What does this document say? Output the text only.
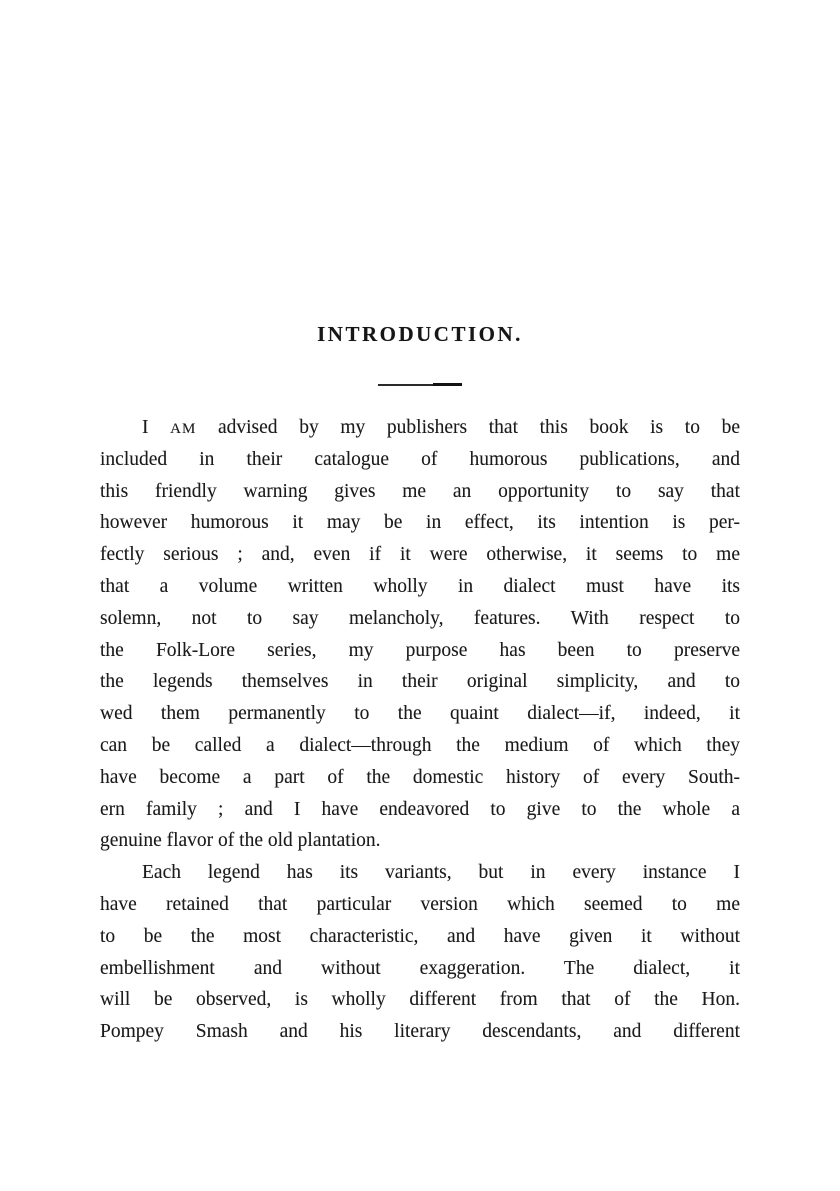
INTRODUCTION.
I AM advised by my publishers that this book is to be
included in their catalogue of humorous publications, and
this friendly warning gives me an opportunity to say that
however humorous it may be in effect, its intention is per-
fectly serious ; and, even if it were otherwise, it seems to me
that a volume written wholly in dialect must have its
solemn, not to say melancholy, features. With respect to
the Folk-Lore series, my purpose has been to preserve
the legends themselves in their original simplicity, and to
wed them permanently to the quaint dialect—if, indeed, it
can be called a dialect—through the medium of which they
have become a part of the domestic history of every South-
ern family ; and I have endeavored to give to the whole a
genuine flavor of the old plantation.
Each legend has its variants, but in every instance I
have retained that particular version which seemed to me
to be the most characteristic, and have given it without
embellishment and without exaggeration. The dialect, it
will be observed, is wholly different from that of the Hon.
Pompey Smash and his literary descendants, and different
